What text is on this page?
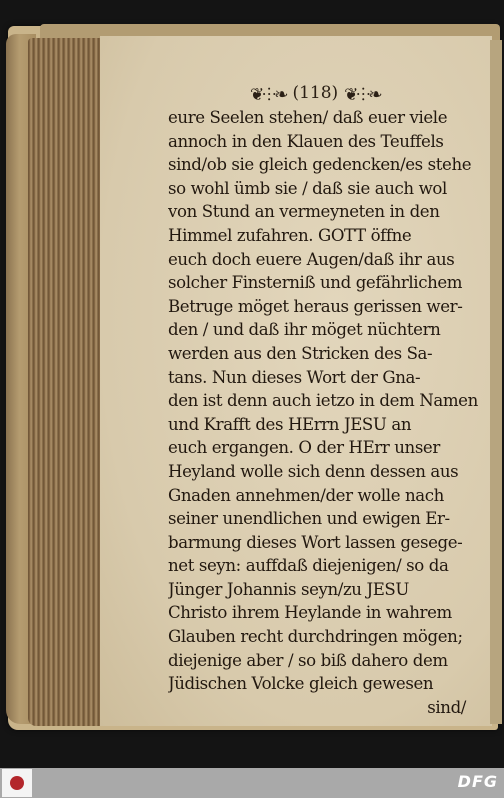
❦⸭❧ (118) ❦⸭❧
eure Seelen stehen/ daß euer viele
annoch in den Klauen des Teuffels
sind/ob sie gleich gedencken/es stehe
so wohl ümb sie / daß sie auch wol
von Stund an vermeyneten in den
Himmel zufahren. GOTT öffne
euch doch euere Augen/daß ihr aus
solcher Finsterniß und gefährlichem
Betruge möget heraus gerissen wer-
den / und daß ihr möget nüchtern
werden aus den Stricken des Sa-
tans. Nun dieses Wort der Gna-
den ist denn auch ietzo in dem Namen
und Krafft des HErrn JESU an
euch ergangen. O der HErr unser
Heyland wolle sich denn dessen aus
Gnaden annehmen/der wolle nach
seiner unendlichen und ewigen Er-
barmung dieses Wort lassen gesege-
net seyn: auffdaß diejenigen/ so da
Jünger Johannis seyn/zu JESU
Christo ihrem Heylande in wahrem
Glauben recht durchdringen mögen;
diejenige aber / so biß dahero dem
Jüdischen Volcke gleich gewesen
sind/
DFG
